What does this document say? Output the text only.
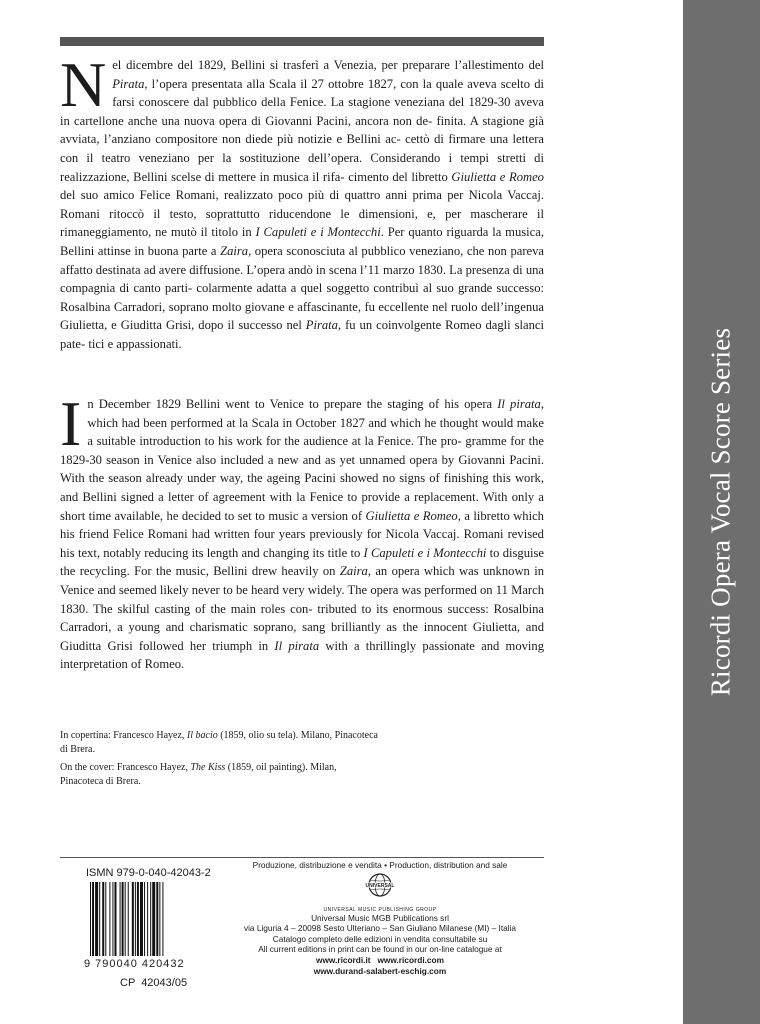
Ricordi Opera Vocal Score Series
N el dicembre del 1829, Bellini si trasferì a Venezia, per preparare l’allestimento del Pirata, l’opera presentata alla Scala il 27 ottobre 1827, con la quale aveva scelto di farsi conoscere dal pubblico della Fenice. La stagione veneziana del 1829-30 aveva in cartellone anche una nuova opera di Giovanni Pacini, ancora non de- finita. A stagione già avviata, l’anziano compositore non diede più notizie e Bellini ac- cettò di firmare una lettera con il teatro veneziano per la sostituzione dell’opera. Considerando i tempi stretti di realizzazione, Bellini scelse di mettere in musica il rifa- cimento del libretto Giulietta e Romeo del suo amico Felice Romani, realizzato poco più di quattro anni prima per Nicola Vaccaj. Romani ritoccò il testo, soprattutto riducendone le dimensioni, e, per mascherare il rimaneggiamento, ne mutò il titolo in I Capuleti e i Montecchi. Per quanto riguarda la musica, Bellini attinse in buona parte a Zaira, opera sconosciuta al pubblico veneziano, che non pareva affatto destinata ad avere diffusione. L’opera andò in scena l’11 marzo 1830. La presenza di una compagnia di canto parti- colarmente adatta a quel soggetto contribuì al suo grande successo: Rosalbina Carradori, soprano molto giovane e affascinante, fu eccellente nel ruolo dell’ingenua Giulietta, e Giuditta Grisi, dopo il successo nel Pirata, fu un coinvolgente Romeo dagli slanci pate- tici e appassionati.
I n December 1829 Bellini went to Venice to prepare the staging of his opera Il pirata, which had been performed at la Scala in October 1827 and which he thought would make a suitable introduction to his work for the audience at la Fenice. The pro- gramme for the 1829-30 season in Venice also included a new and as yet unnamed opera by Giovanni Pacini. With the season already under way, the ageing Pacini showed no signs of finishing this work, and Bellini signed a letter of agreement with la Fenice to provide a replacement. With only a short time available, he decided to set to music a version of Giulietta e Romeo, a libretto which his friend Felice Romani had written four years previously for Nicola Vaccaj. Romani revised his text, notably reducing its length and changing its title to I Capuleti e i Montecchi to disguise the recycling. For the music, Bellini drew heavily on Zaira, an opera which was unknown in Venice and seemed likely never to be heard very widely. The opera was performed on 11 March 1830. The skilful casting of the main roles con- tributed to its enormous success: Rosalbina Carradori, a young and charismatic soprano, sang brilliantly as the innocent Giulietta, and Giuditta Grisi followed her triumph in Il pirata with a thrillingly passionate and moving interpretation of Romeo.
In copertina: Francesco Hayez, Il bacio (1859, olio su tela). Milano, Pinacoteca di Brera.
On the cover: Francesco Hayez, The Kiss (1859, oil painting). Milan, Pinacoteca di Brera.
ISMN 979-0-040-42043-2
9 790040 420432
CP  42043/05
Produzione, distribuzione e vendita • Production, distribution and sale
UNIVERSAL
UNIVERSAL MUSIC PUBLISHING GROUP
Universal Music MGB Publications srl
via Liguria 4 – 20098 Sesto Ulteriano – San Giuliano Milanese (MI) – Italia
Catalogo completo delle edizioni in vendita consultabile su
All current editions in print can be found in our on-line catalogue at
www.ricordi.it   www.ricordi.com
www.durand-salabert-eschig.com
